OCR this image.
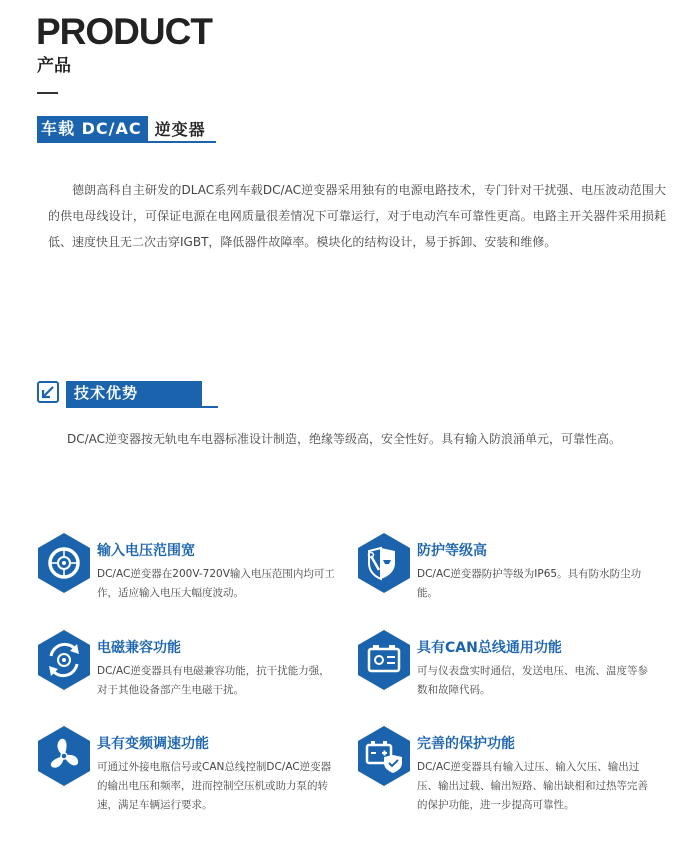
PRODUCT
产品
车载 DC/AC 逆变器
德朗高科自主研发的DLAC系列车载DC/AC逆变器采用独有的电源电路技术，专门针对干扰强、电压波动范围大的供电母线设计，可保证电源在电网质量很差情况下可靠运行，对于电动汽车可靠性更高。电路主开关器件采用损耗低、速度快且无二次击穿IGBT，降低器件故障率。模块化的结构设计，易于拆卸、安装和维修。
技术优势
DC/AC逆变器按无轨电车电器标准设计制造，绝缘等级高，安全性好。具有输入防浪涌单元，可靠性高。
输入电压范围宽
DC/AC逆变器在200V-720V输入电压范围内均可工作，适应输入电压大幅度波动。
防护等级高
DC/AC逆变器防护等级为IP65。具有防水防尘功能。
电磁兼容功能
DC/AC逆变器具有电磁兼容功能，抗干扰能力强，对于其他设备部产生电磁干扰。
具有CAN总线通用功能
可与仪表盘实时通信，发送电压、电流、温度等参数和故障代码。
具有变频调速功能
可通过外接电瓶信号或CAN总线控制DC/AC逆变器的输出电压和频率，进而控制空压机或助力泵的转速，满足车辆运行要求。
完善的保护功能
DC/AC逆变器具有输入过压、输入欠压、输出过压、输出过载、输出短路、输出缺相和过热等完善的保护功能，进一步提高可靠性。
